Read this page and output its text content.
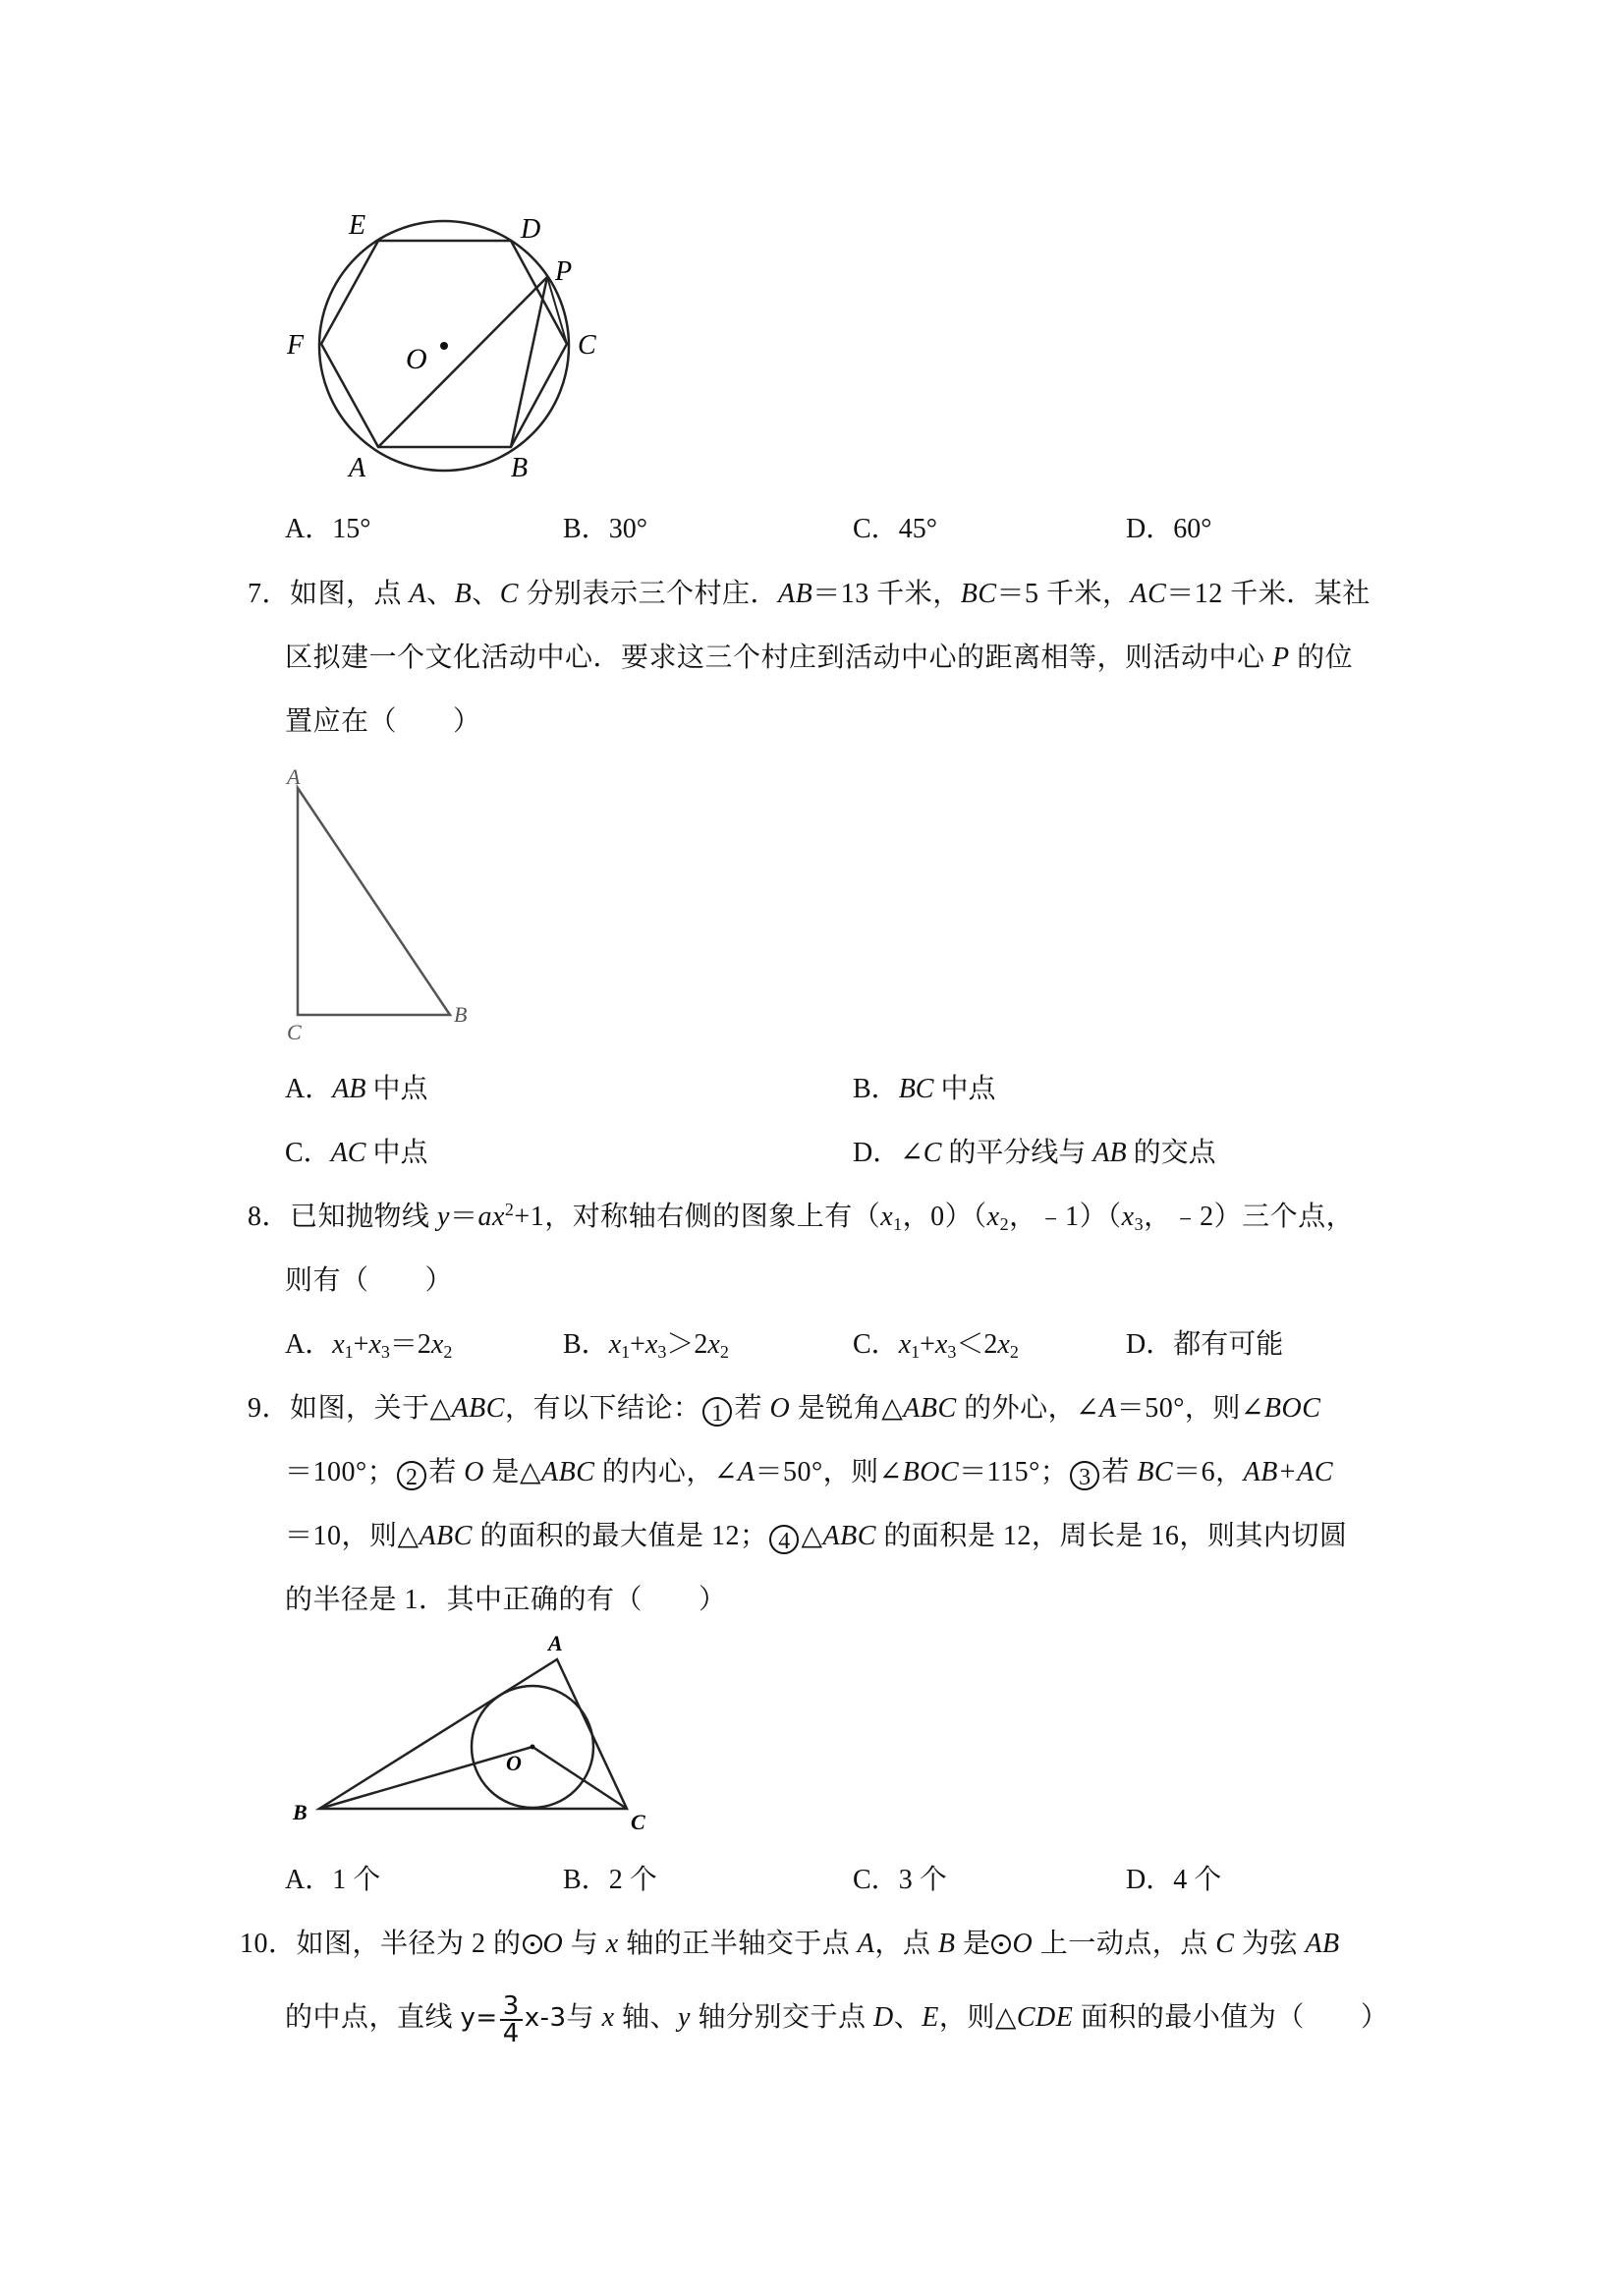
E	D
P
C
F	O
A	B
A．15°	B．30°	C．45°	D．60°
7．如图，点 A、B、C 分别表示三个村庄．AB＝13 千米，BC＝5 千米，AC＝12 千米．某社
区拟建一个文化活动中心．要求这三个村庄到活动中心的距离相等，则活动中心 P 的位
置应在（　　）
A
C
B
A．AB 中点	B．BC 中点
C．AC 中点	D．∠C 的平分线与 AB 的交点
8．已知抛物线 $y=ax^2+1$，对称轴右侧的图象上有（$x_1$，$0)(x_2$，$﹣1)(x_3$，﹣2）三个点，
则有（　　）
A．$x_1+x_3=2x_2$	B．$x_1+x_3>2x_2$	C．$x_1+x_3<2x_2$	D．都有可能
9．如图，关于△ABC，有以下结论： 1 若 O 是锐角△ABC 的外心，∠A＝50°，则∠BOC
＝100°； 2 若 O 是△ABC 的内心，∠A＝50°，则∠BOC＝115°； 3 若 BC＝6，AB+AC
＝10，则△ABC 的面积的最大值是 12； 4 △ABC 的面积是 12，周长是 16，则其内切圆
的半径是 1．其中正确的有（　　）
A
B	C
O
A．1 个	B．2 个	C．3 个	D．4 个
10．如图，半径为 2 的 O 与 x 轴的正半轴交于点 A，点 B 是 O 上一动点，点 C 为弦 AB
的中点，直线 $y= \frac{3}{4} x-3$与 x 轴、y 轴分别交于点 D、E，则△CDE 面积的最小值为（　　）
